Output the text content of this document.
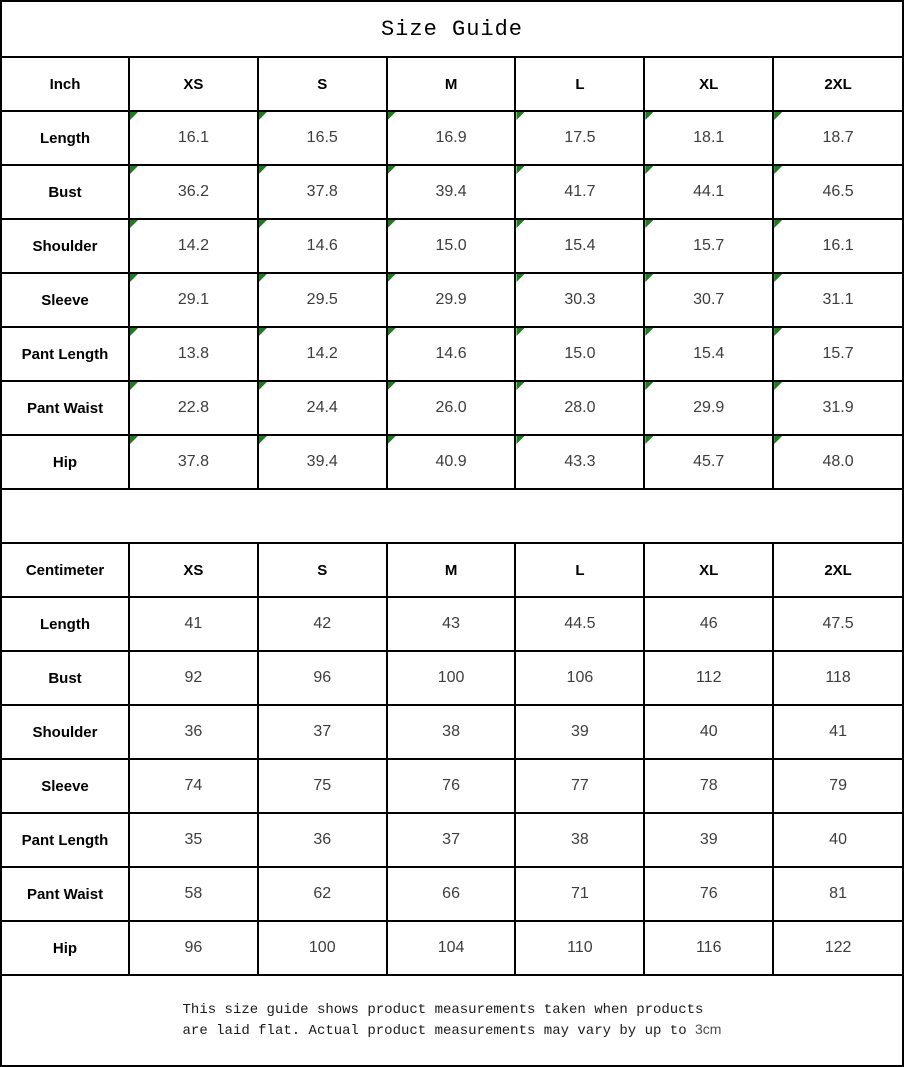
Size Guide
Inch	XS	S	M	L	XL	2XL
Length	16.1	16.5	16.9	17.5	18.1	18.7
Bust	36.2	37.8	39.4	41.7	44.1	46.5
Shoulder	14.2	14.6	15.0	15.4	15.7	16.1
Sleeve	29.1	29.5	29.9	30.3	30.7	31.1
Pant Length	13.8	14.2	14.6	15.0	15.4	15.7
Pant Waist	22.8	24.4	26.0	28.0	29.9	31.9
Hip	37.8	39.4	40.9	43.3	45.7	48.0
Centimeter	XS	S	M	L	XL	2XL
Length	41	42	43	44.5	46	47.5
Bust	92	96	100	106	112	118
Shoulder	36	37	38	39	40	41
Sleeve	74	75	76	77	78	79
Pant Length	35	36	37	38	39	40
Pant Waist	58	62	66	71	76	81
Hip	96	100	104	110	116	122
This size guide shows product measurements taken when products
are laid flat. Actual product measurements may vary by up to 3cm
